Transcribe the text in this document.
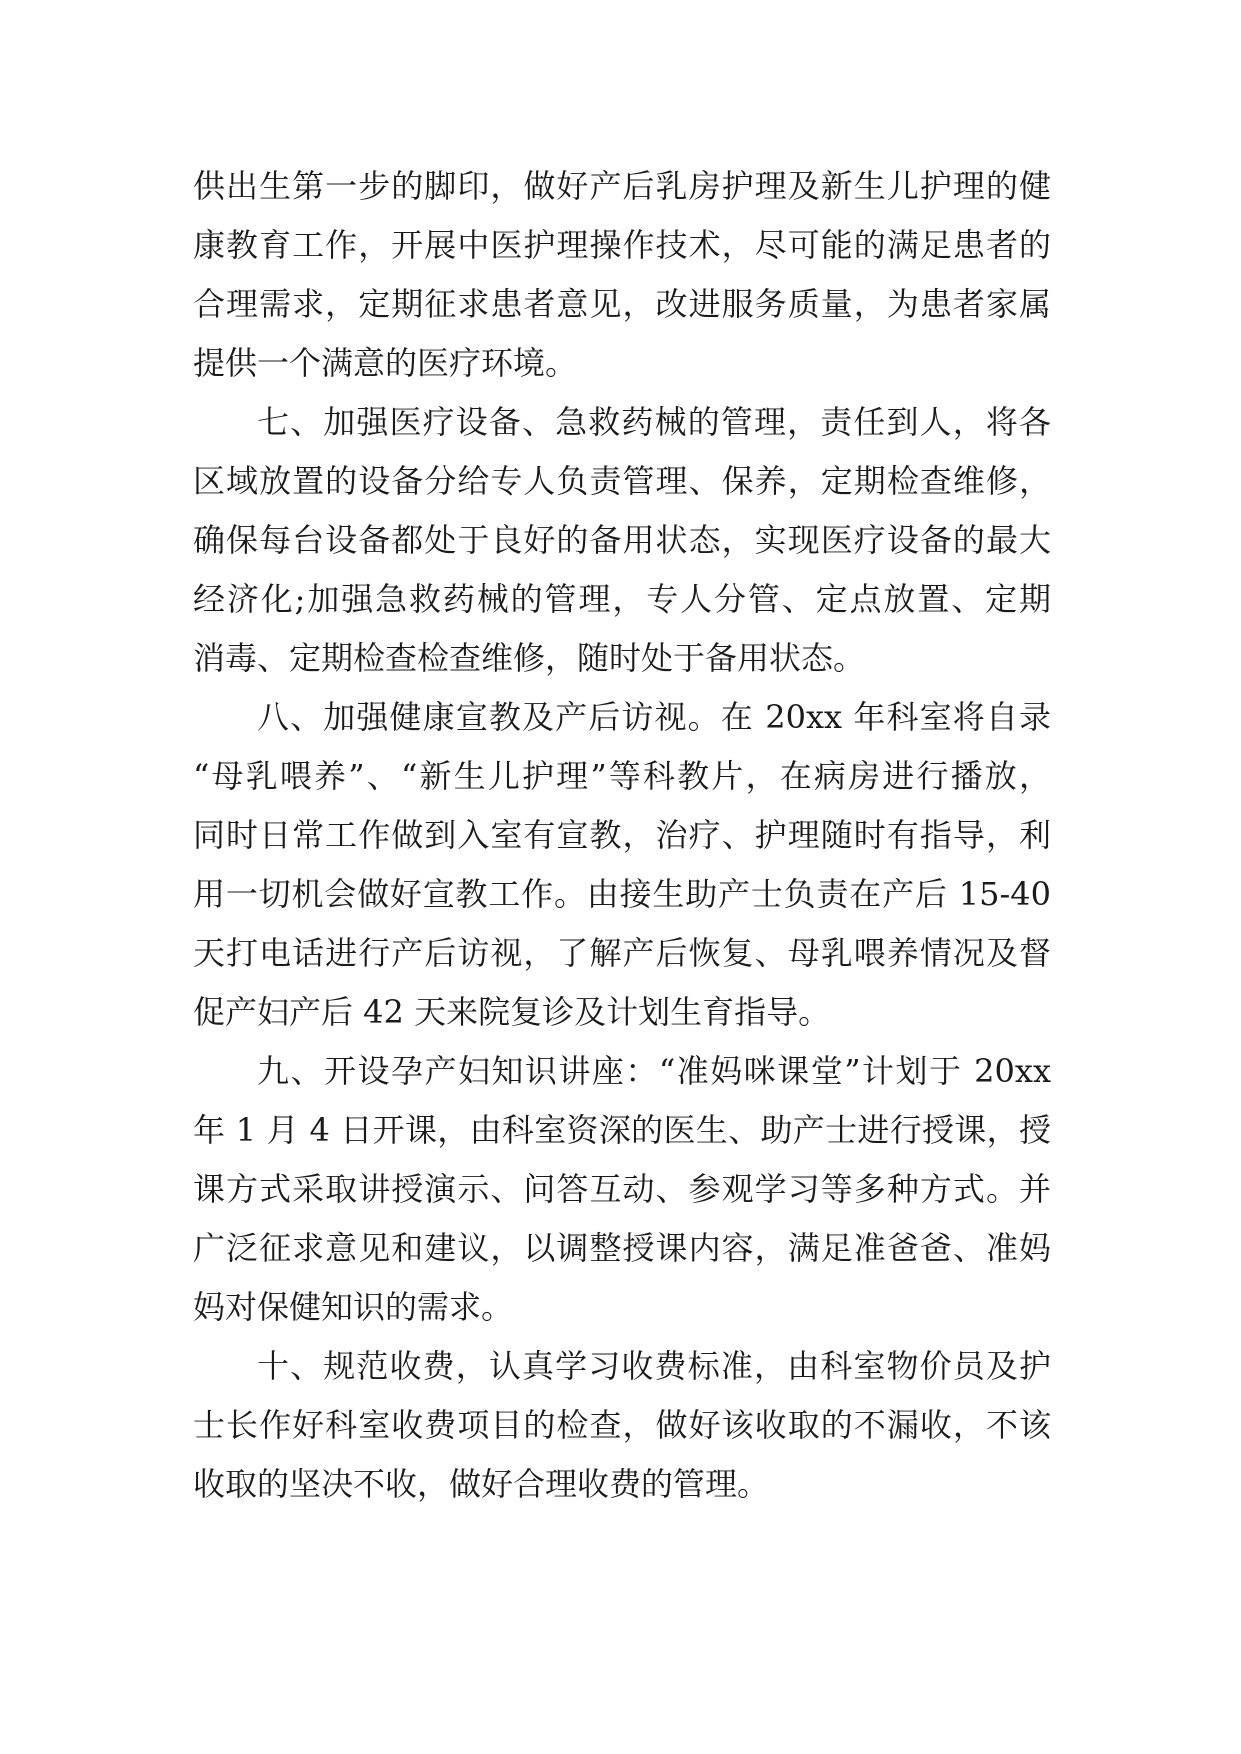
供出生第一步的脚印，做好产后乳房护理及新生儿护理的健
康教育工作，开展中医护理操作技术，尽可能的满足患者的
合理需求，定期征求患者意见，改进服务质量，为患者家属
提供一个满意的医疗环境。
七、加强医疗设备、急救药械的管理，责任到人，将各
区域放置的设备分给专人负责管理、保养，定期检查维修，
确保每台设备都处于良好的备用状态，实现医疗设备的最大
经济化;加强急救药械的管理，专人分管、定点放置、定期
消毒、定期检查检查维修，随时处于备用状态。
八、加强健康宣教及产后访视。在 20xx 年科室将自录
“母乳喂养”、“新生儿护理”等科教片，在病房进行播放，
同时日常工作做到入室有宣教，治疗、护理随时有指导，利
用一切机会做好宣教工作。由接生助产士负责在产后 15-40
天打电话进行产后访视，了解产后恢复、母乳喂养情况及督
促产妇产后 42 天来院复诊及计划生育指导。
九、开设孕产妇知识讲座：“准妈咪课堂”计划于 20xx
年 1 月 4 日开课，由科室资深的医生、助产士进行授课，授
课方式采取讲授演示、问答互动、参观学习等多种方式。并
广泛征求意见和建议，以调整授课内容，满足准爸爸、准妈
妈对保健知识的需求。
十、规范收费，认真学习收费标准，由科室物价员及护
士长作好科室收费项目的检查，做好该收取的不漏收，不该
收取的坚决不收，做好合理收费的管理。
